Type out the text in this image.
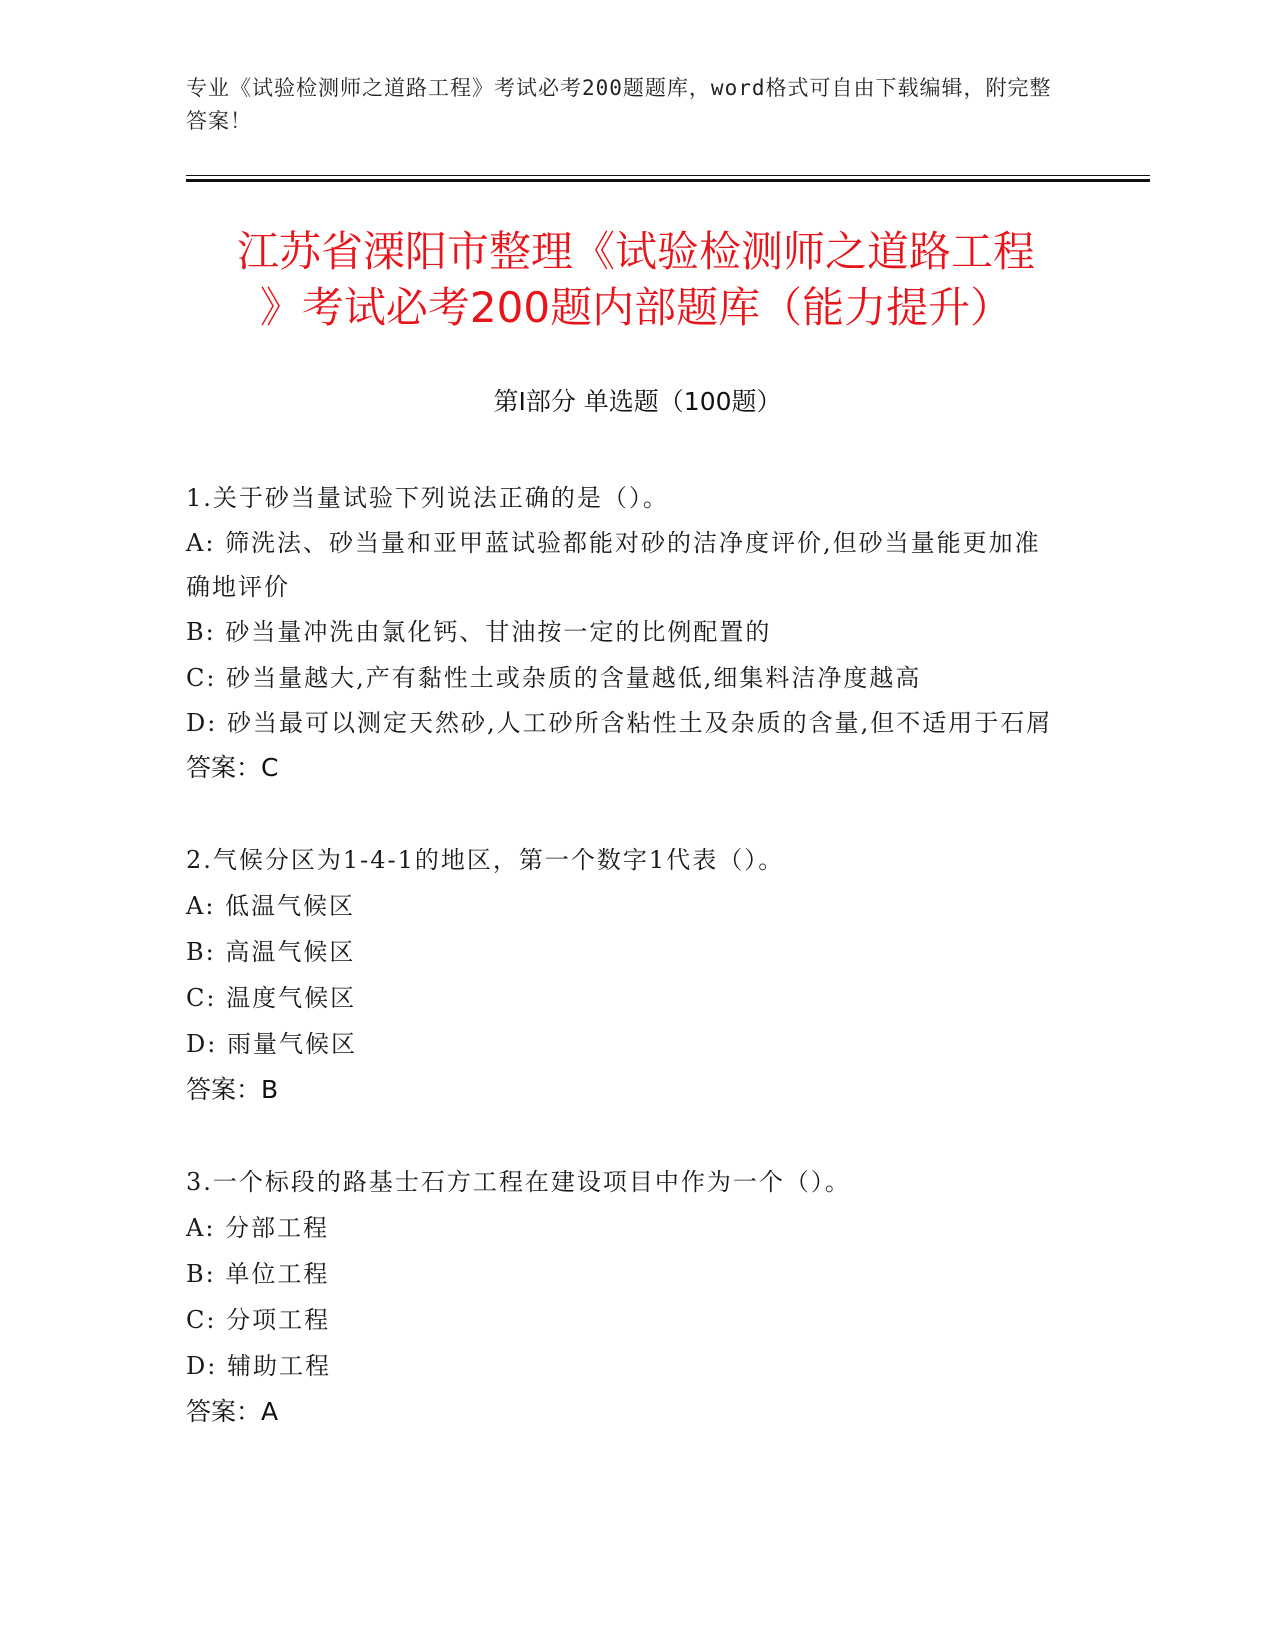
专业《试验检测师之道路工程》考试必考200题题库，word格式可自由下载编辑，附完整答案！
江苏省溧阳市整理《试验检测师之道路工程
》考试必考200题内部题库（能力提升）
第Ⅰ部分 单选题（100题）
1.关于砂当量试验下列说法正确的是（）。
A: 筛洗法、砂当量和亚甲蓝试验都能对砂的洁净度评价,但砂当量能更加准确地评价
B: 砂当量冲洗由氯化钙、甘油按一定的比例配置的
C: 砂当量越大,产有黏性土或杂质的含量越低,细集料洁净度越高
D: 砂当最可以测定天然砂,人工砂所含粘性土及杂质的含量,但不适用于石屑
答案：C
2.气候分区为1-4-1的地区，第一个数字1代表（）。
A: 低温气候区
B: 高温气候区
C: 温度气候区
D: 雨量气候区
答案：B
3.一个标段的路基士石方工程在建设项目中作为一个（）。
A: 分部工程
B: 单位工程
C: 分项工程
D: 辅助工程
答案：A
